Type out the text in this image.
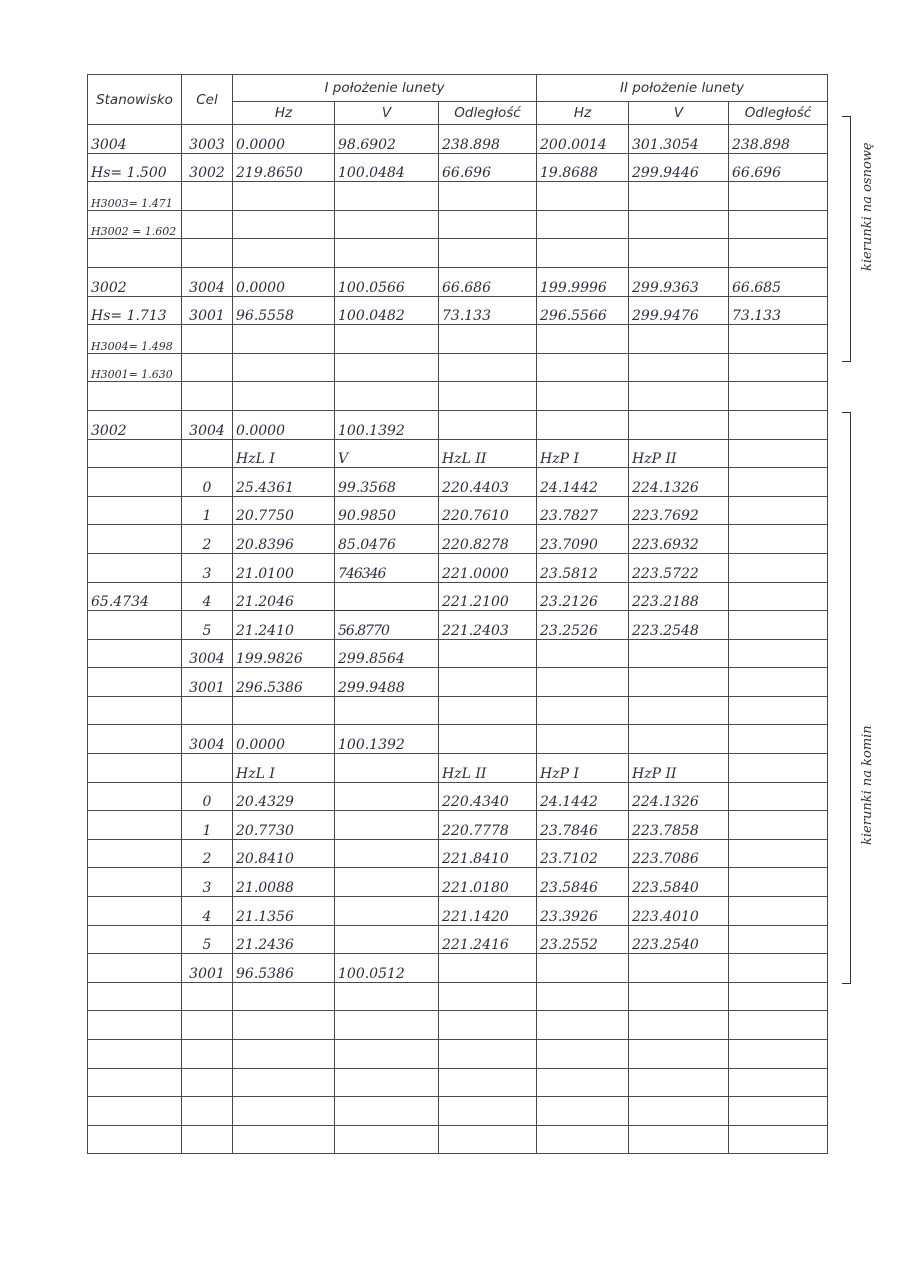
Stanowisko	Cel	I położenie lunety			II położenie lunety		
		Hz	V	Odległość	Hz	V	Odległość
3004	3003	0.0000	98.6902	238.898	200.0014	301.3054	238.898
Hs= 1.500	3002	219.8650	100.0484	66.696	19.8688	299.9446	66.696
H3003= 1.471							
H3002 = 1.602							

3002	3004	0.0000	100.0566	66.686	199.9996	299.9363	66.685
Hs= 1.713	3001	96.5558	100.0482	73.133	296.5566	299.9476	73.133
H3004= 1.498							
H3001= 1.630							

3002	3004	0.0000	100.1392				
		HzL I	V	HzL II	HzP I	HzP II	
	0	25.4361	99.3568	220.4403	24.1442	224.1326	
	1	20.7750	90.9850	220.7610	23.7827	223.7692	
	2	20.8396	85.0476	220.8278	23.7090	223.6932	
	3	21.0100	746346	221.0000	23.5812	223.5722	
65.4734	4	21.2046		221.2100	23.2126	223.2188	
	5	21.2410	56.8770	221.2403	23.2526	223.2548	
	3004	199.9826	299.8564				
	3001	296.5386	299.9488				

	3004	0.0000	100.1392				
		HzL I		HzL II	HzP I	HzP II	
	0	20.4329		220.4340	24.1442	224.1326	
	1	20.7730		220.7778	23.7846	223.7858	
	2	20.8410		221.8410	23.7102	223.7086	
	3	21.0088		221.0180	23.5846	223.5840	
	4	21.1356		221.1420	23.3926	223.4010	
	5	21.2436		221.2416	23.2552	223.2540	
	3001	96.5386	100.0512				

kierunki na osnowę
kierunki na komin
